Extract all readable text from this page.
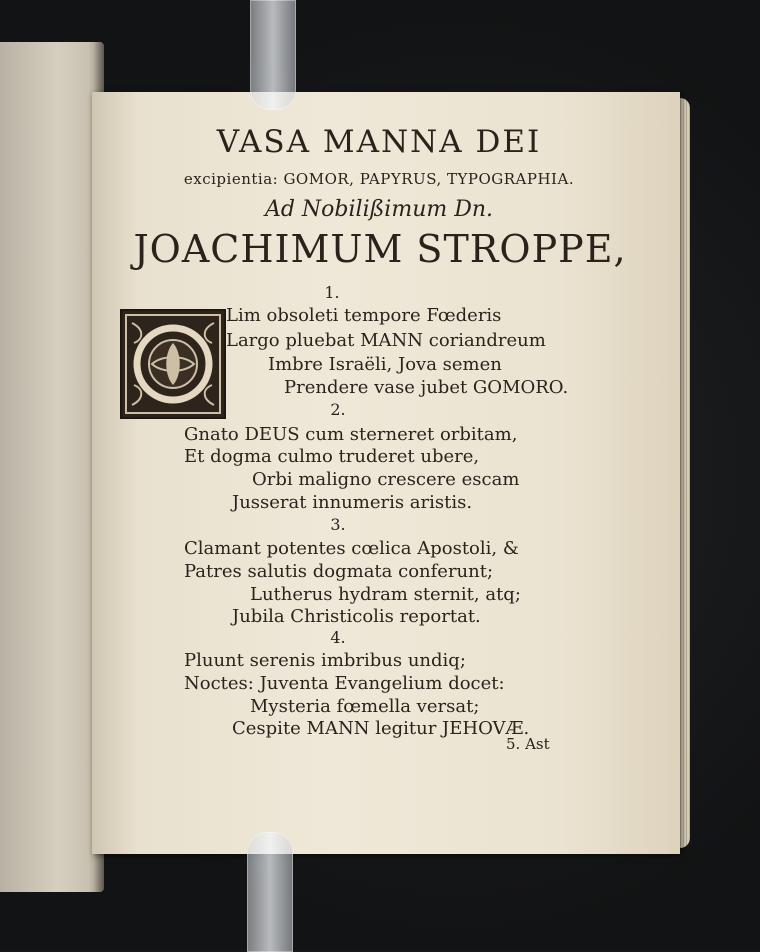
VASA MANNA DEI
excipientia: GOMOR, PAPYRUS, TYPOGRAPHIA.
Ad Nobilißimum Dn.
JOACHIMUM STROPPE,
1.
Lim obsoleti tempore Fœderis
Largo pluebat MANN coriandreum
Imbre Israëli, Jova semen
Prendere vase jubet GOMORO.
2.
Gnato DEUS cum sterneret orbitam,
Et dogma culmo truderet ubere,
Orbi maligno crescere escam
Jusserat innumeris aristis.
3.
Clamant potentes cœlica Apostoli, &
Patres salutis dogmata conferunt;
Lutherus hydram sternit, atq;
Jubila Christicolis reportat.
4.
Pluunt serenis imbribus undiq;
Noctes: Juventa Evangelium docet:
Mysteria fœmella versat;
Cespite MANN legitur JEHOVÆ.
5. Ast
